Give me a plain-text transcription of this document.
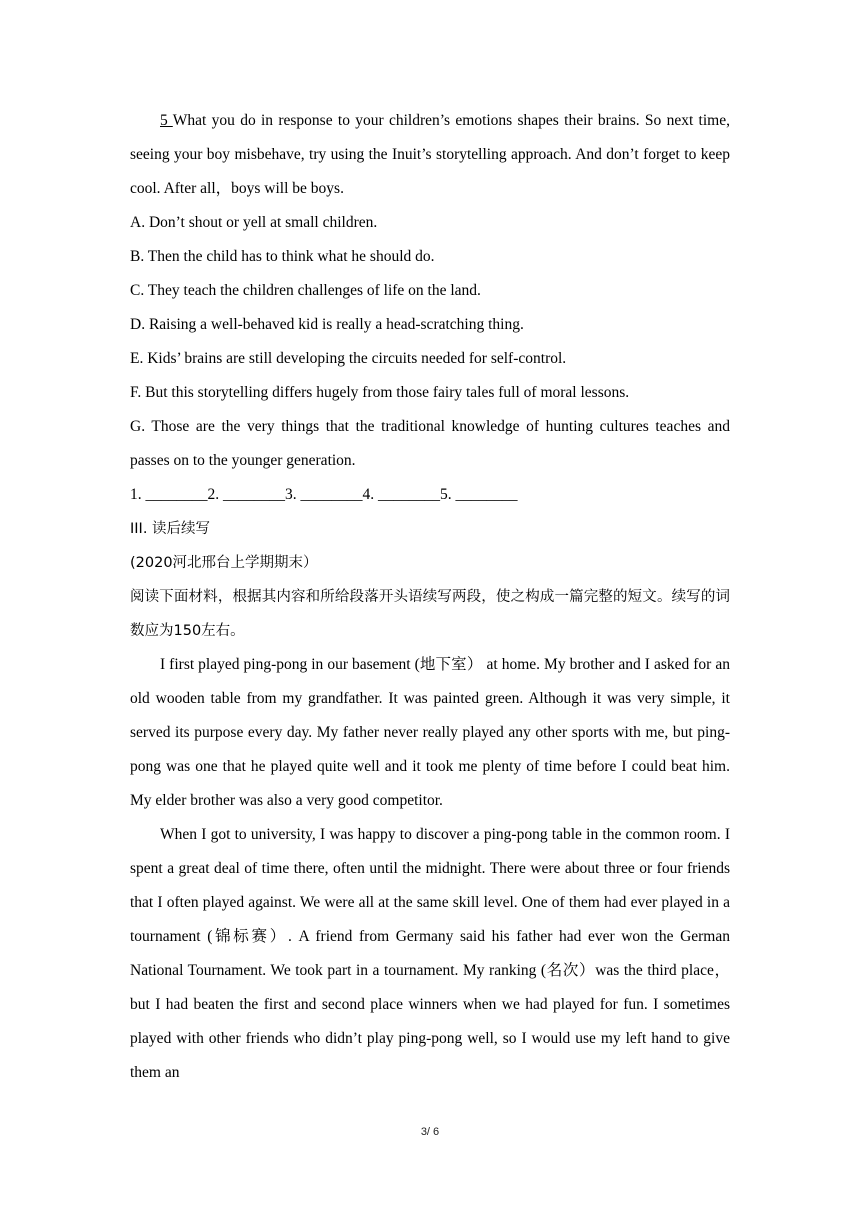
5 What you do in response to your children’s emotions shapes their brains. So next time, seeing your boy misbehave, try using the Inuit’s storytelling approach. And don’t forget to keep cool. After all，boys will be boys.

A. Don’t shout or yell at small children.

B. Then the child has to think what he should do.

C. They teach the children challenges of life on the land.

D. Raising a well-behaved kid is really a head-scratching thing.

E. Kids’ brains are still developing the circuits needed for self-control.

F. But this storytelling differs hugely from those fairy tales full of moral lessons.

G. Those are the very things that the traditional knowledge of hunting cultures teaches and passes on to the younger generation.

1. ________2. ________3. ________4. ________5. ________

III. 读后续写

(2020河北邢台上学期期末）

阅读下面材料，根据其内容和所给段落开头语续写两段，使之构成一篇完整的短文。续写的词数应为150左右。

I first played ping-pong in our basement (地下室） at home. My brother and I asked for an old wooden table from my grandfather. It was painted green. Although it was very simple, it served its purpose every day. My father never really played any other sports with me, but ping-pong was one that he played quite well and it took me plenty of time before I could beat him. My elder brother was also a very good competitor.

When I got to university, I was happy to discover a ping-pong table in the common room. I spent a great deal of time there, often until the midnight. There were about three or four friends that I often played against. We were all at the same skill level. One of them had ever played in a tournament (锦标赛）. A friend from Germany said his father had ever won the German National Tournament. We took part in a tournament. My ranking (名次）was the third place，but I had beaten the first and second place winners when we had played for fun. I sometimes played with other friends who didn’t play ping-pong well, so I would use my left hand to give them an

3/ 6
